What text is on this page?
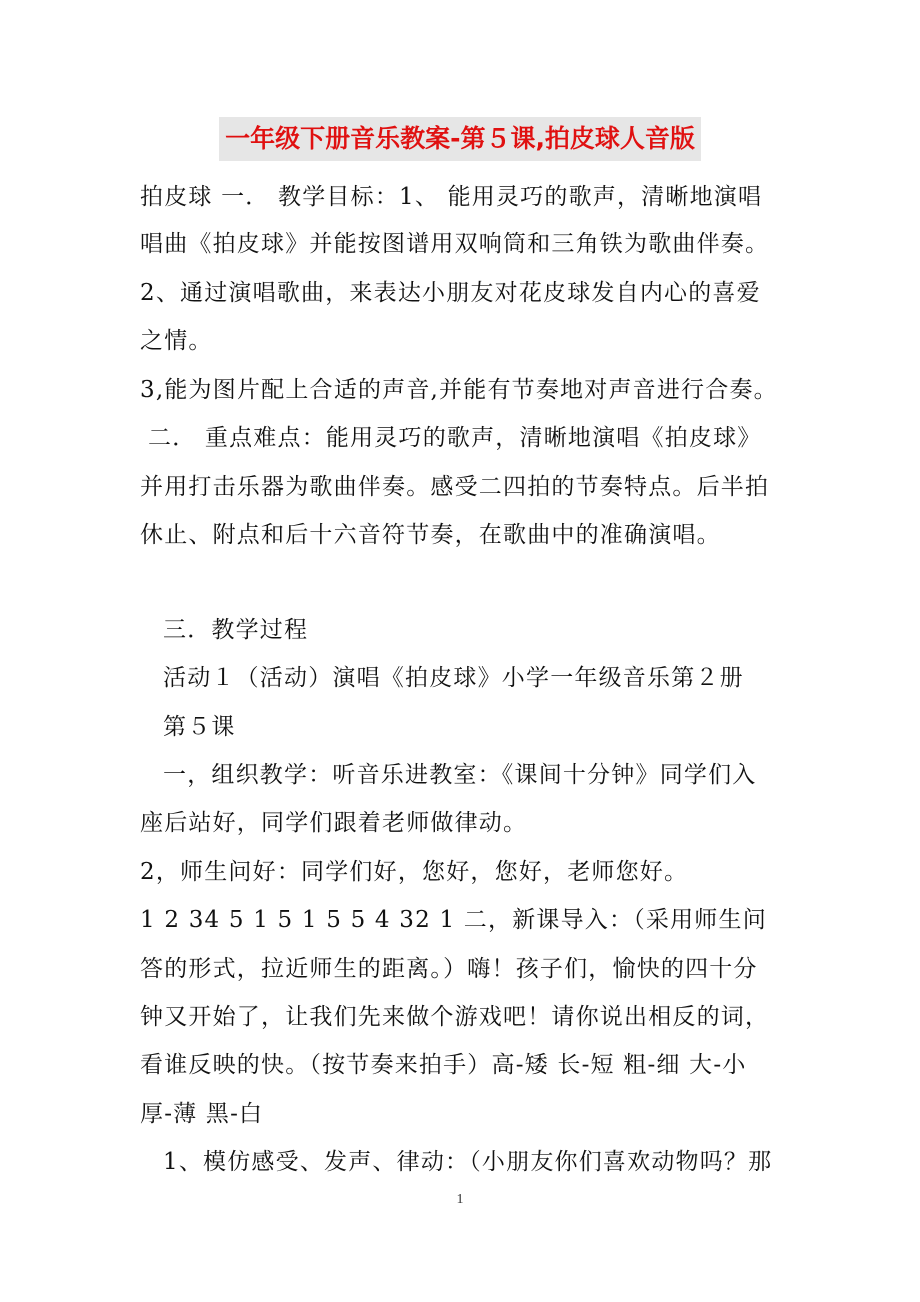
一年级下册音乐教案-第５课,拍皮球人音版
拍皮球 一． 教学目标：1、 能用灵巧的歌声，清晰地演唱
唱曲《拍皮球》并能按图谱用双响筒和三角铁为歌曲伴奏。
2、通过演唱歌曲，来表达小朋友对花皮球发自内心的喜爱
之情。
3,能为图片配上合适的声音,并能有节奏地对声音进行合奏。
二． 重点难点：能用灵巧的歌声，清晰地演唱《拍皮球》
并用打击乐器为歌曲伴奏。感受二四拍的节奏特点。后半拍
休止、附点和后十六音符节奏，在歌曲中的准确演唱。
三．教学过程
活动１（活动）演唱《拍皮球》小学一年级音乐第２册
第５课
一，组织教学：听音乐进教室：《课间十分钟》同学们入
座后站好，同学们跟着老师做律动。
2，师生问好：同学们好，您好，您好，老师您好。
1 2 34 5 1 5 1 5 5 4 32 1 二，新课导入：（采用师生问
答的形式，拉近师生的距离。）嗨！孩子们，愉快的四十分
钟又开始了，让我们先来做个游戏吧！请你说出相反的词，
看谁反映的快。（按节奏来拍手）高-矮 长-短 粗-细 大-小
厚-薄 黑-白
1、模仿感受、发声、律动：（小朋友你们喜欢动物吗？那
1
